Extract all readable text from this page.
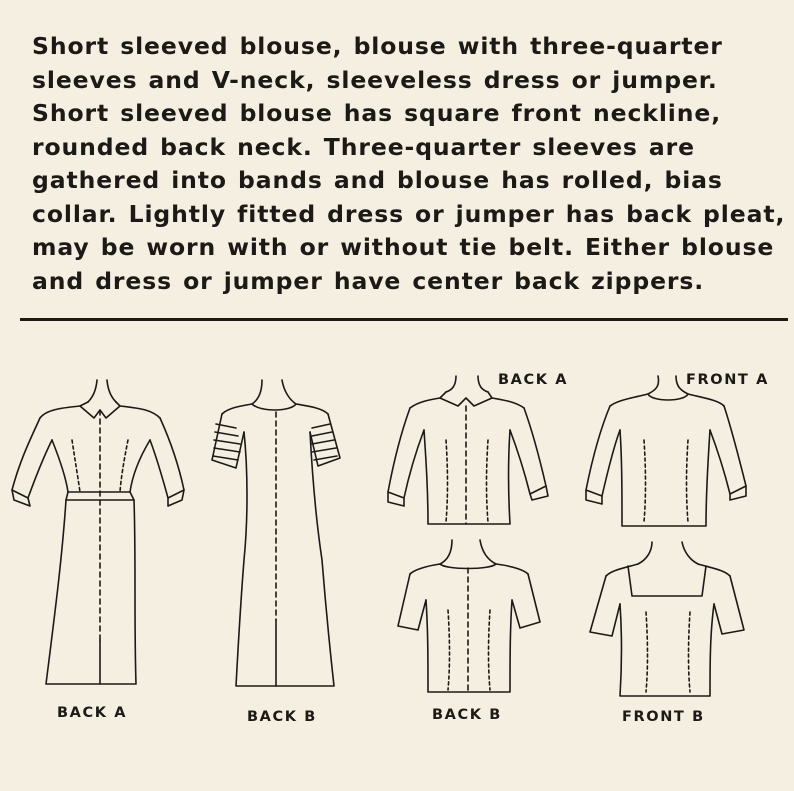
Short sleeved blouse, blouse with three-quarter
sleeves and V-neck, sleeveless dress or jumper.
Short sleeved blouse has square front neckline,
rounded back neck. Three-quarter sleeves are
gathered into bands and blouse has rolled, bias
collar. Lightly fitted dress or jumper has back pleat,
may be worn with or without tie belt. Either blouse
and dress or jumper have center back zippers.
BACK A	BACK B
BACK A	FRONT A
BACK B	FRONT B
